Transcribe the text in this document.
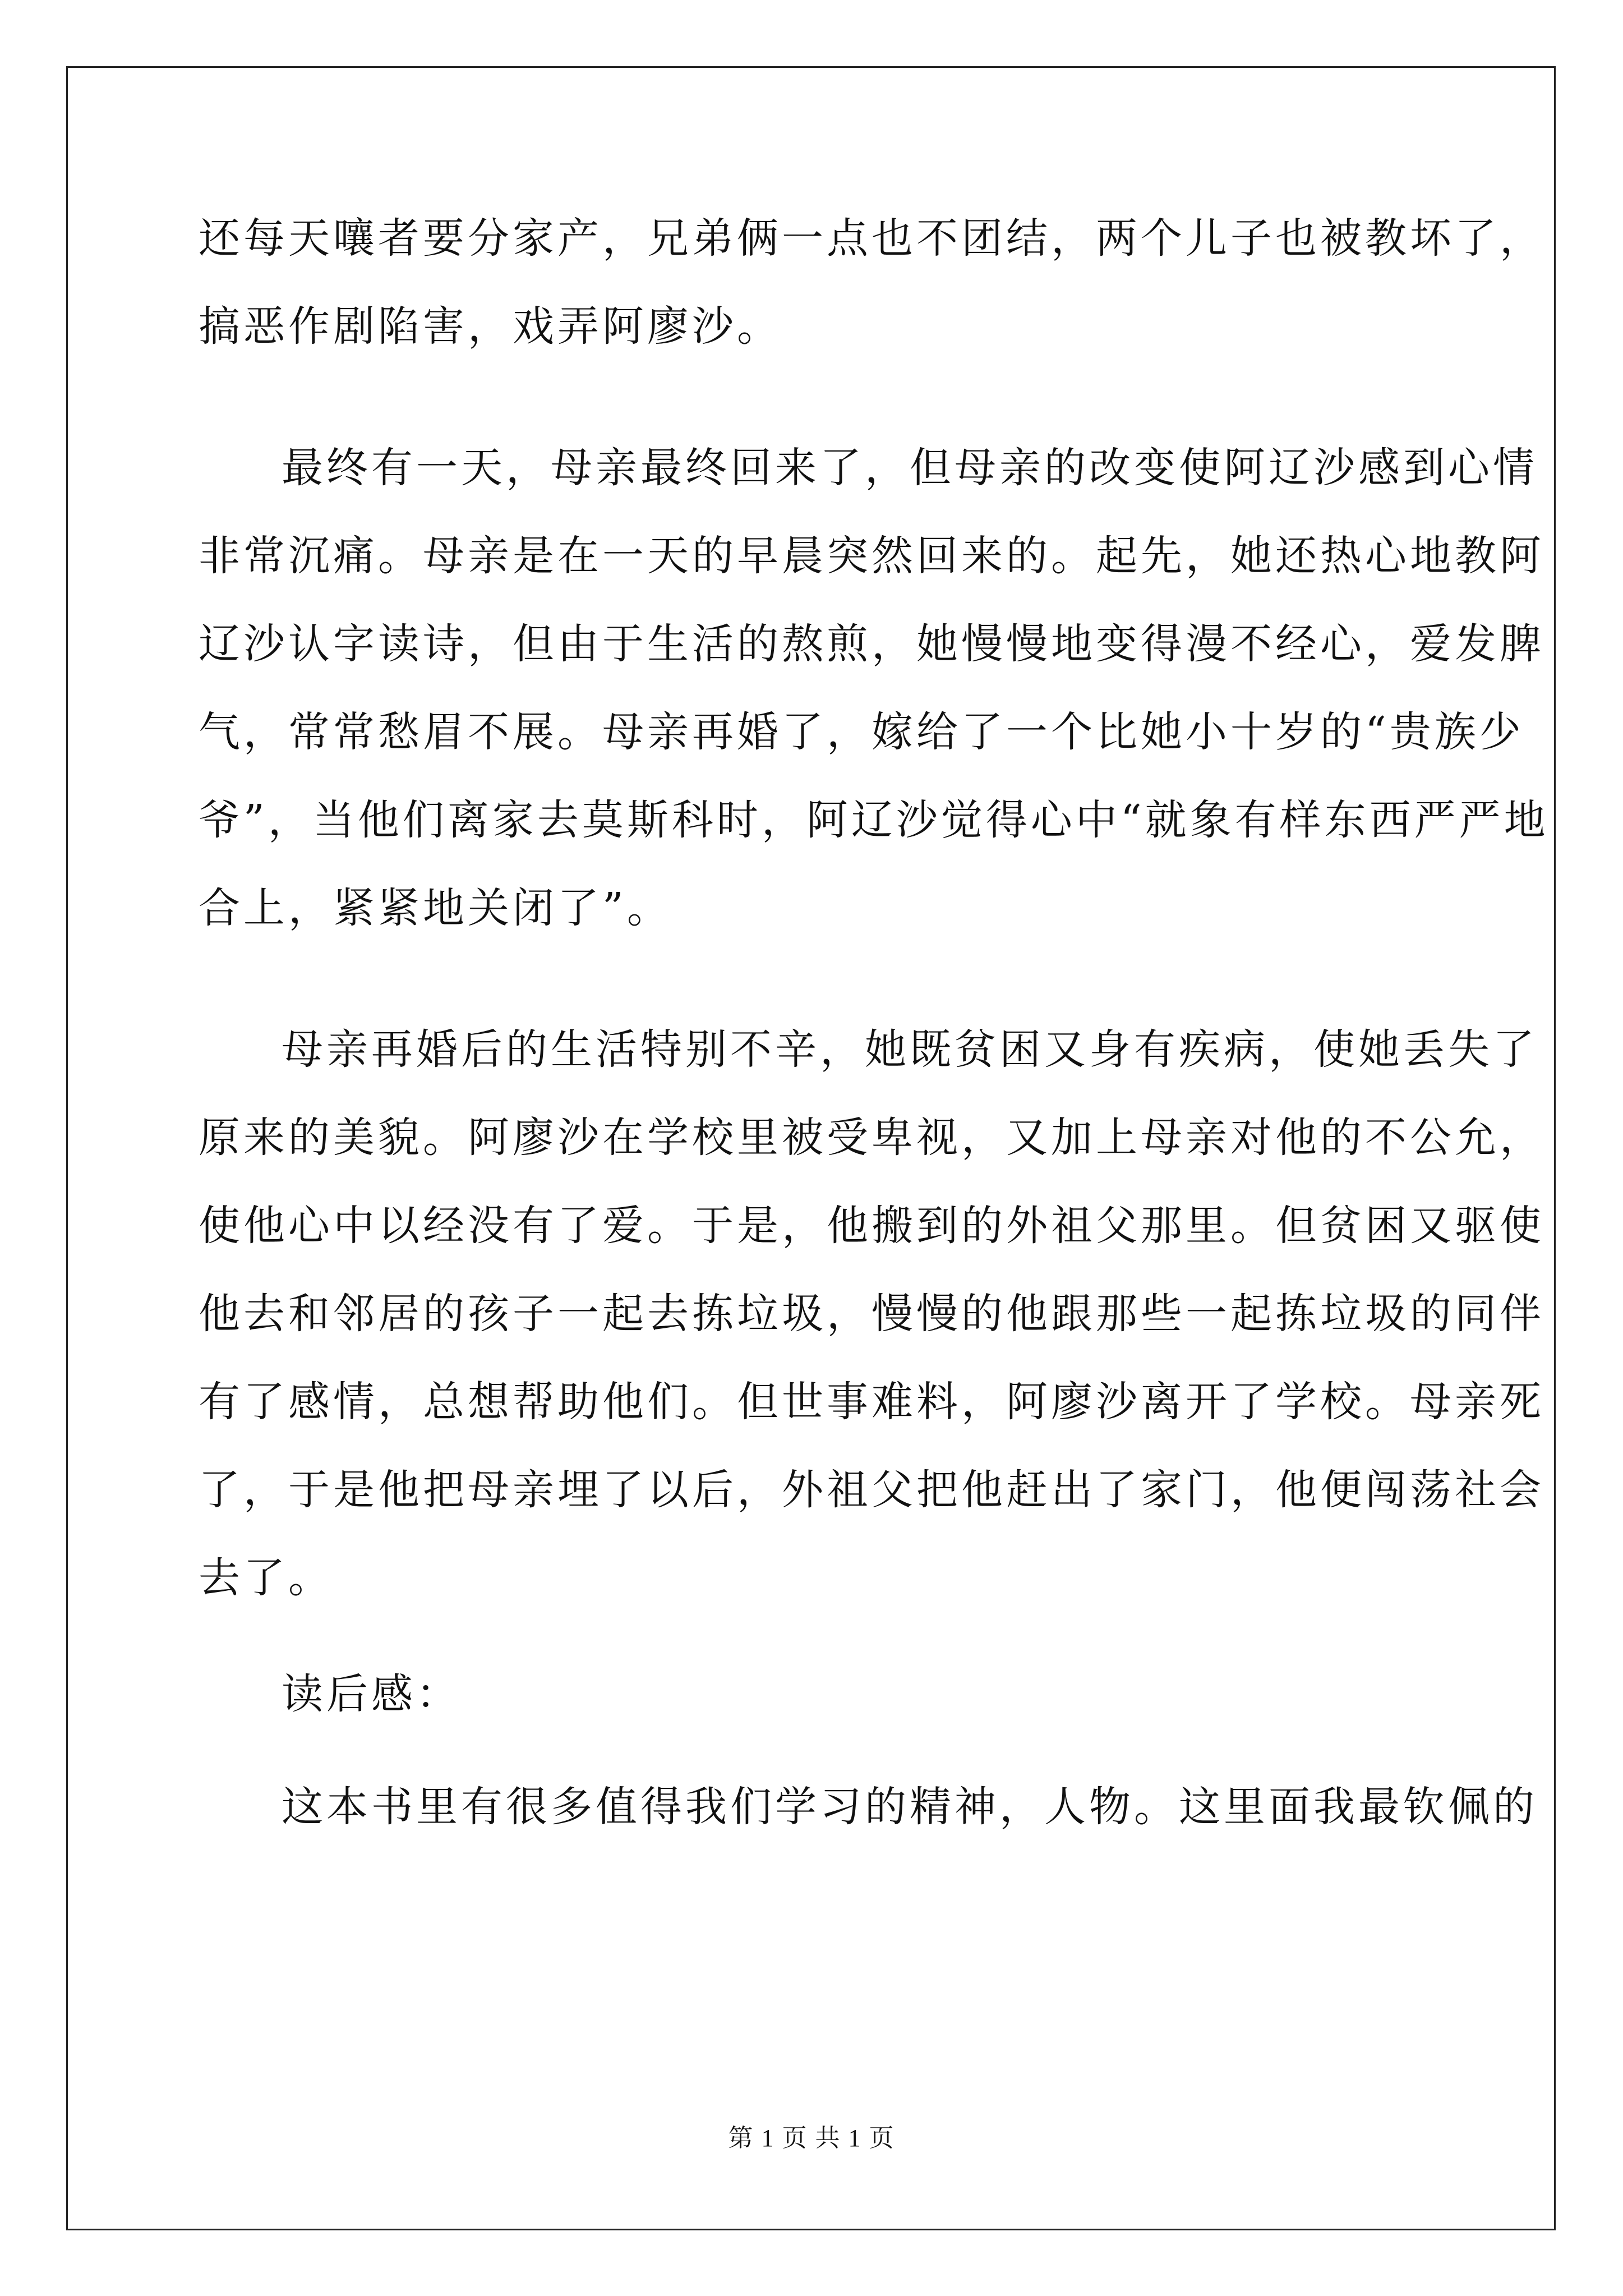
还每天嚷者要分家产，兄弟俩一点也不团结，两个儿子也被教坏了，
搞恶作剧陷害，戏弄阿廖沙。
最终有一天，母亲最终回来了，但母亲的改变使阿辽沙感到心情
非常沉痛。母亲是在一天的早晨突然回来的。起先，她还热心地教阿
辽沙认字读诗，但由于生活的熬煎，她慢慢地变得漫不经心，爱发脾
气，常常愁眉不展。母亲再婚了，嫁给了一个比她小十岁的“贵族少
爷”，当他们离家去莫斯科时，阿辽沙觉得心中“就象有样东西严严地
合上，紧紧地关闭了”。
母亲再婚后的生活特别不辛，她既贫困又身有疾病，使她丢失了
原来的美貌。阿廖沙在学校里被受卑视，又加上母亲对他的不公允，
使他心中以经没有了爱。于是，他搬到的外祖父那里。但贫困又驱使
他去和邻居的孩子一起去拣垃圾，慢慢的他跟那些一起拣垃圾的同伴
有了感情，总想帮助他们。但世事难料，阿廖沙离开了学校。母亲死
了，于是他把母亲埋了以后，外祖父把他赶出了家门，他便闯荡社会
去了。
读后感：
这本书里有很多值得我们学习的精神，人物。这里面我最钦佩的
第 1 页 共 1 页
